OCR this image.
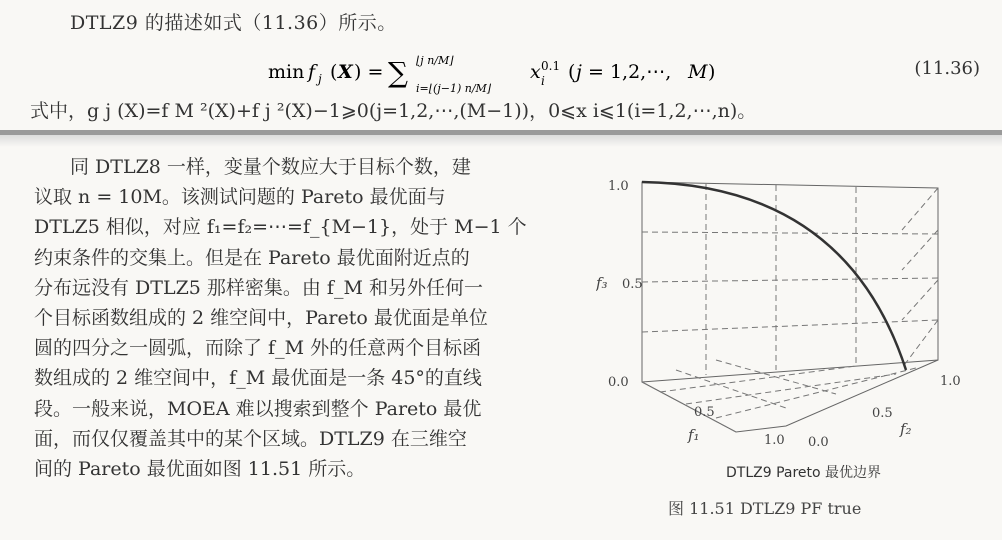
DTLZ9 的描述如式（11.36）所示。
min f j ( X ) = ∑ ⌊j n/M⌋
i=⌊(j−1) n/M⌋
x 0.1
i ( j = 1,2,⋯, M )	(11.36)
式中，g j (X)=f M ²(X)+f j ²(X)−1⩾0(j=1,2,⋯,(M−1))，0⩽x i⩽1(i=1,2,⋯,n)。

同 DTLZ8 一样，变量个数应大于目标个数，建

议取 n = 10M。该测试问题的 Pareto 最优面与

DTLZ5 相似，对应 f₁=f₂=⋯=f_{M−1}，处于 M−1 个

约束条件的交集上。但是在 Pareto 最优面附近点的

分布远没有 DTLZ5 那样密集。由 f_M 和另外任何一

个目标函数组成的 2 维空间中，Pareto 最优面是单位

圆的四分之一圆弧，而除了 f_M 外的任意两个目标函

数组成的 2 维空间中，f_M 最优面是一条 45°的直线

段。一般来说，MOEA 难以搜索到整个 Pareto 最优

面，而仅仅覆盖其中的某个区域。DTLZ9 在三维空

间的 Pareto 最优面如图 11.51 所示。

1.0
0.5
0.0
0.5
1.0
1.0
0.5
0.0
f₃
f₁	f₂
DTLZ9 Pareto 最优边界
图 11.51 DTLZ9 PF true
